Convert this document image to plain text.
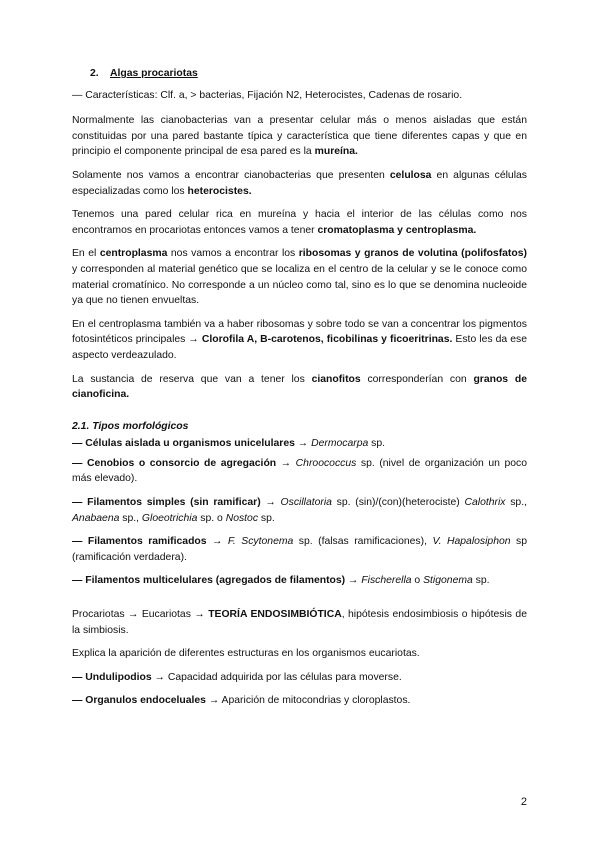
2. Algas procariotas

— Características: Clf. a, > bacterias, Fijación N2, Heterocistes, Cadenas de rosario.

Normalmente las cianobacterias van a presentar celular más o menos aisladas que están constituidas por una pared bastante típica y característica que tiene diferentes capas y que en principio el componente principal de esa pared es la mureína.

Solamente nos vamos a encontrar cianobacterias que presenten celulosa en algunas células especializadas como los heterocistes.

Tenemos una pared celular rica en mureína y hacia el interior de las células como nos encontramos en procariotas entonces vamos a tener cromatoplasma y centroplasma.

En el centroplasma nos vamos a encontrar los ribosomas y granos de volutina (polifosfatos) y corresponden al material genético que se localiza en el centro de la celular y se le conoce como material cromatínico. No corresponde a un núcleo como tal, sino es lo que se denomina nucleoide ya que no tienen envueltas.

En el centroplasma también va a haber ribosomas y sobre todo se van a concentrar los pigmentos fotosintéticos principales → Clorofila A, B-carotenos, ficobilinas y ficoeritrinas. Esto les da ese aspecto verdeazulado.

La sustancia de reserva que van a tener los cianofitos corresponderían con granos de cianoficina.

2.1. Tipos morfológicos

— Células aislada u organismos unicelulares → Dermocarpa sp.

— Cenobios o consorcio de agregación → Chroococcus sp. (nivel de organización un poco más elevado).

— Filamentos simples (sin ramificar) → Oscillatoria sp. (sin)/(con)(heterociste) Calothrix sp., Anabaena sp., Gloeotrichia sp. o Nostoc sp.

— Filamentos ramificados → F. Scytonema sp. (falsas ramificaciones), V. Hapalosiphon sp (ramificación verdadera).

— Filamentos multicelulares (agregados de filamentos) → Fischerella o Stigonema sp.

Procariotas → Eucariotas → TEORÍA ENDOSIMBIÓTICA, hipótesis endosimbiosis o hipótesis de la simbiosis.

Explica la aparición de diferentes estructuras en los organismos eucariotas.

— Undulipodios → Capacidad adquirida por las células para moverse.

— Organulos endoceluales → Aparición de mitocondrias y cloroplastos.

2
